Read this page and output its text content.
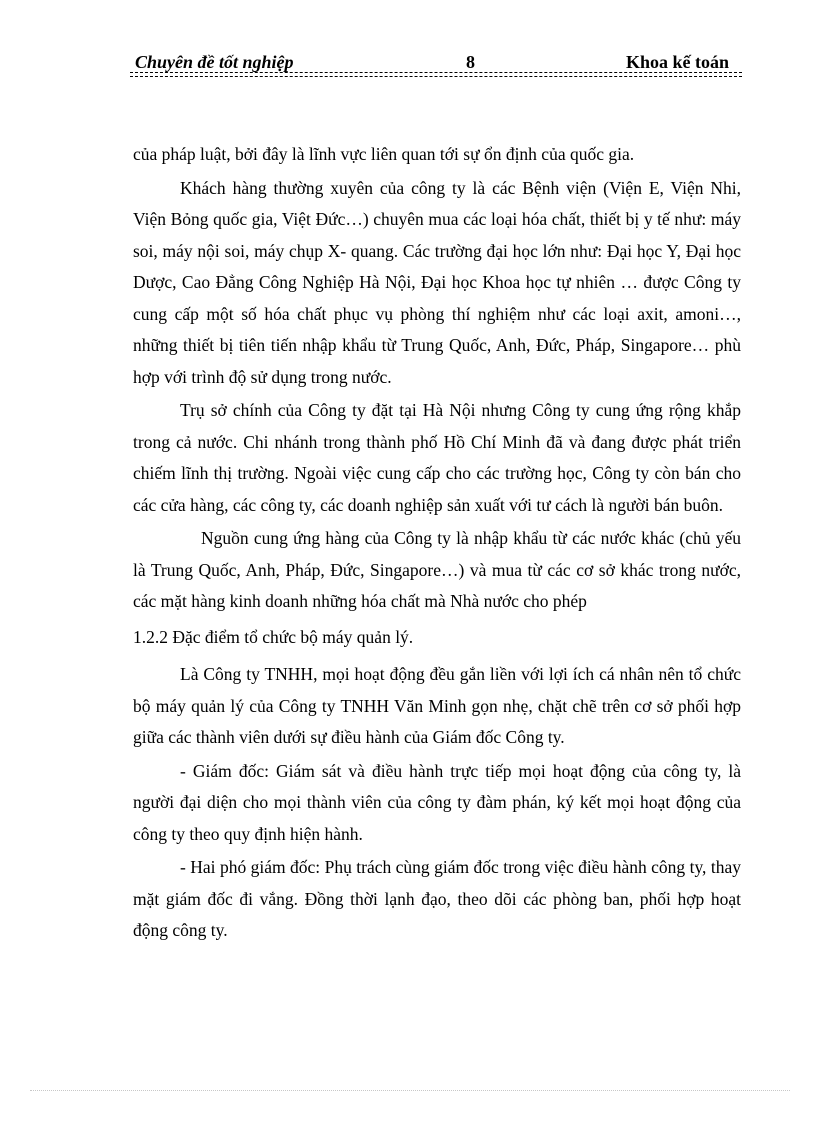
Chuyên đề tốt nghiệp	8	Khoa kế toán

của pháp luật, bởi đây là lĩnh vực liên quan tới sự ổn định của quốc gia.

Khách hàng thường xuyên của công ty là các Bệnh viện (Viện E, Viện Nhi, Viện Bỏng quốc gia, Việt Đức…) chuyên mua các loại hóa chất, thiết bị y tế như: máy soi, máy nội soi, máy chụp X- quang. Các trường đại học lớn như: Đại học Y, Đại học Dược, Cao Đẳng Công Nghiệp Hà Nội, Đại học Khoa học tự nhiên … được Công ty cung cấp một số hóa chất phục vụ phòng thí nghiệm như các loại axit, amoni…, những thiết bị tiên tiến nhập khẩu từ Trung Quốc, Anh, Đức, Pháp, Singapore… phù hợp với trình độ sử dụng trong nước.

Trụ sở chính của Công ty đặt tại Hà Nội nhưng Công ty cung ứng rộng khắp trong cả nước. Chi nhánh trong thành phố Hồ Chí Minh đã và đang được phát triển chiếm lĩnh thị trường. Ngoài việc cung cấp cho các trường học, Công ty còn bán cho các cửa hàng, các công ty, các doanh nghiệp sản xuất với tư cách là người bán buôn.

Nguồn cung ứng hàng của Công ty là nhập khẩu từ các nước khác (chủ yếu là Trung Quốc, Anh, Pháp, Đức, Singapore…) và mua từ các cơ sở khác trong nước, các mặt hàng kinh doanh những hóa chất mà Nhà nước cho phép

1.2.2 Đặc điểm tổ chức bộ máy quản lý.

Là Công ty TNHH, mọi hoạt động đều gắn liền với lợi ích cá nhân nên tổ chức bộ máy quản lý của Công ty TNHH Văn Minh gọn nhẹ, chặt chẽ trên cơ sở phối hợp giữa các thành viên dưới sự điều hành của Giám đốc Công ty.

- Giám đốc: Giám sát và điều hành trực tiếp mọi hoạt động của công ty, là người đại diện cho mọi thành viên của công ty đàm phán, ký kết mọi hoạt động của công ty theo quy định hiện hành.

- Hai phó giám đốc: Phụ trách cùng giám đốc trong việc điều hành công ty, thay mặt giám đốc đi vắng. Đồng thời lạnh đạo, theo dõi các phòng ban, phối hợp hoạt động công ty.
